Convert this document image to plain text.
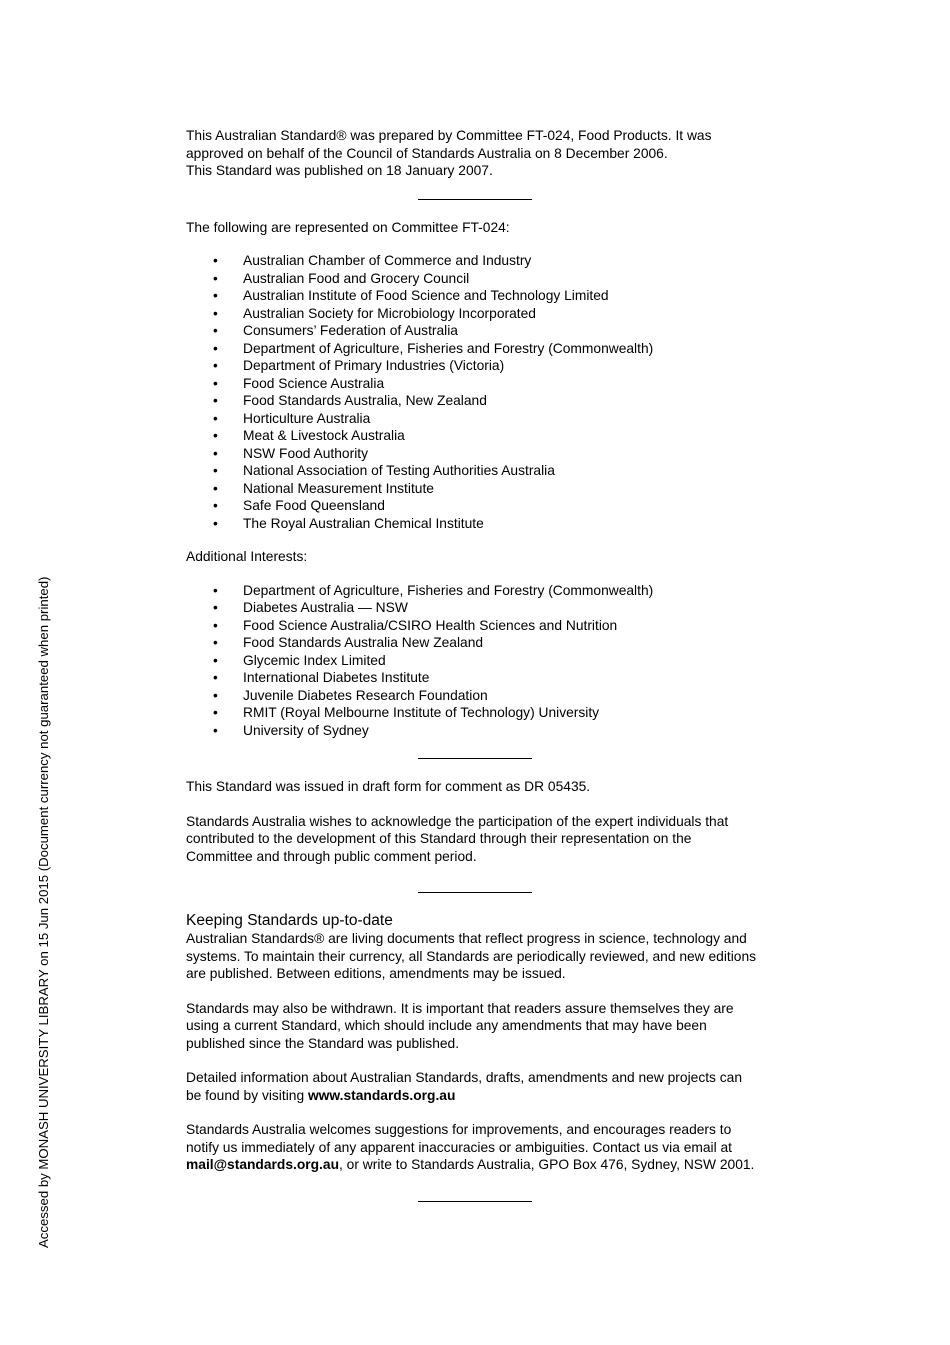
This Australian Standard® was prepared by Committee FT-024, Food Products. It was

approved on behalf of the Council of Standards Australia on 8 December 2006.

This Standard was published on 18 January 2007.

The following are represented on Committee FT-024:

•	Australian Chamber of Commerce and Industry
•	Australian Food and Grocery Council
•	Australian Institute of Food Science and Technology Limited
•	Australian Society for Microbiology Incorporated
•	Consumers’ Federation of Australia
•	Department of Agriculture, Fisheries and Forestry (Commonwealth)
•	Department of Primary Industries (Victoria)
•	Food Science Australia
•	Food Standards Australia, New Zealand
•	Horticulture Australia
•	Meat & Livestock Australia
•	NSW Food Authority
•	National Association of Testing Authorities Australia
•	National Measurement Institute
•	Safe Food Queensland
•	The Royal Australian Chemical Institute

Additional Interests:

•	Department of Agriculture, Fisheries and Forestry (Commonwealth)
•	Diabetes Australia — NSW
•	Food Science Australia/CSIRO Health Sciences and Nutrition
•	Food Standards Australia New Zealand
•	Glycemic Index Limited
•	International Diabetes Institute
•	Juvenile Diabetes Research Foundation
•	RMIT (Royal Melbourne Institute of Technology) University
•	University of Sydney

This Standard was issued in draft form for comment as DR 05435.

Standards Australia wishes to acknowledge the participation of the expert individuals that

contributed to the development of this Standard through their representation on the

Committee and through public comment period.

Keeping Standards up-to-date

Australian Standards® are living documents that reflect progress in science, technology and

systems. To maintain their currency, all Standards are periodically reviewed, and new editions

are published. Between editions, amendments may be issued.

Standards may also be withdrawn. It is important that readers assure themselves they are

using a current Standard, which should include any amendments that may have been

published since the Standard was published.

Detailed information about Australian Standards, drafts, amendments and new projects can

be found by visiting www.standards.org.au

Standards Australia welcomes suggestions for improvements, and encourages readers to

notify us immediately of any apparent inaccuracies or ambiguities. Contact us via email at

mail@standards.org.au, or write to Standards Australia, GPO Box 476, Sydney, NSW 2001.

Accessed by MONASH UNIVERSITY LIBRARY on 15 Jun 2015 (Document currency not guaranteed when printed)
